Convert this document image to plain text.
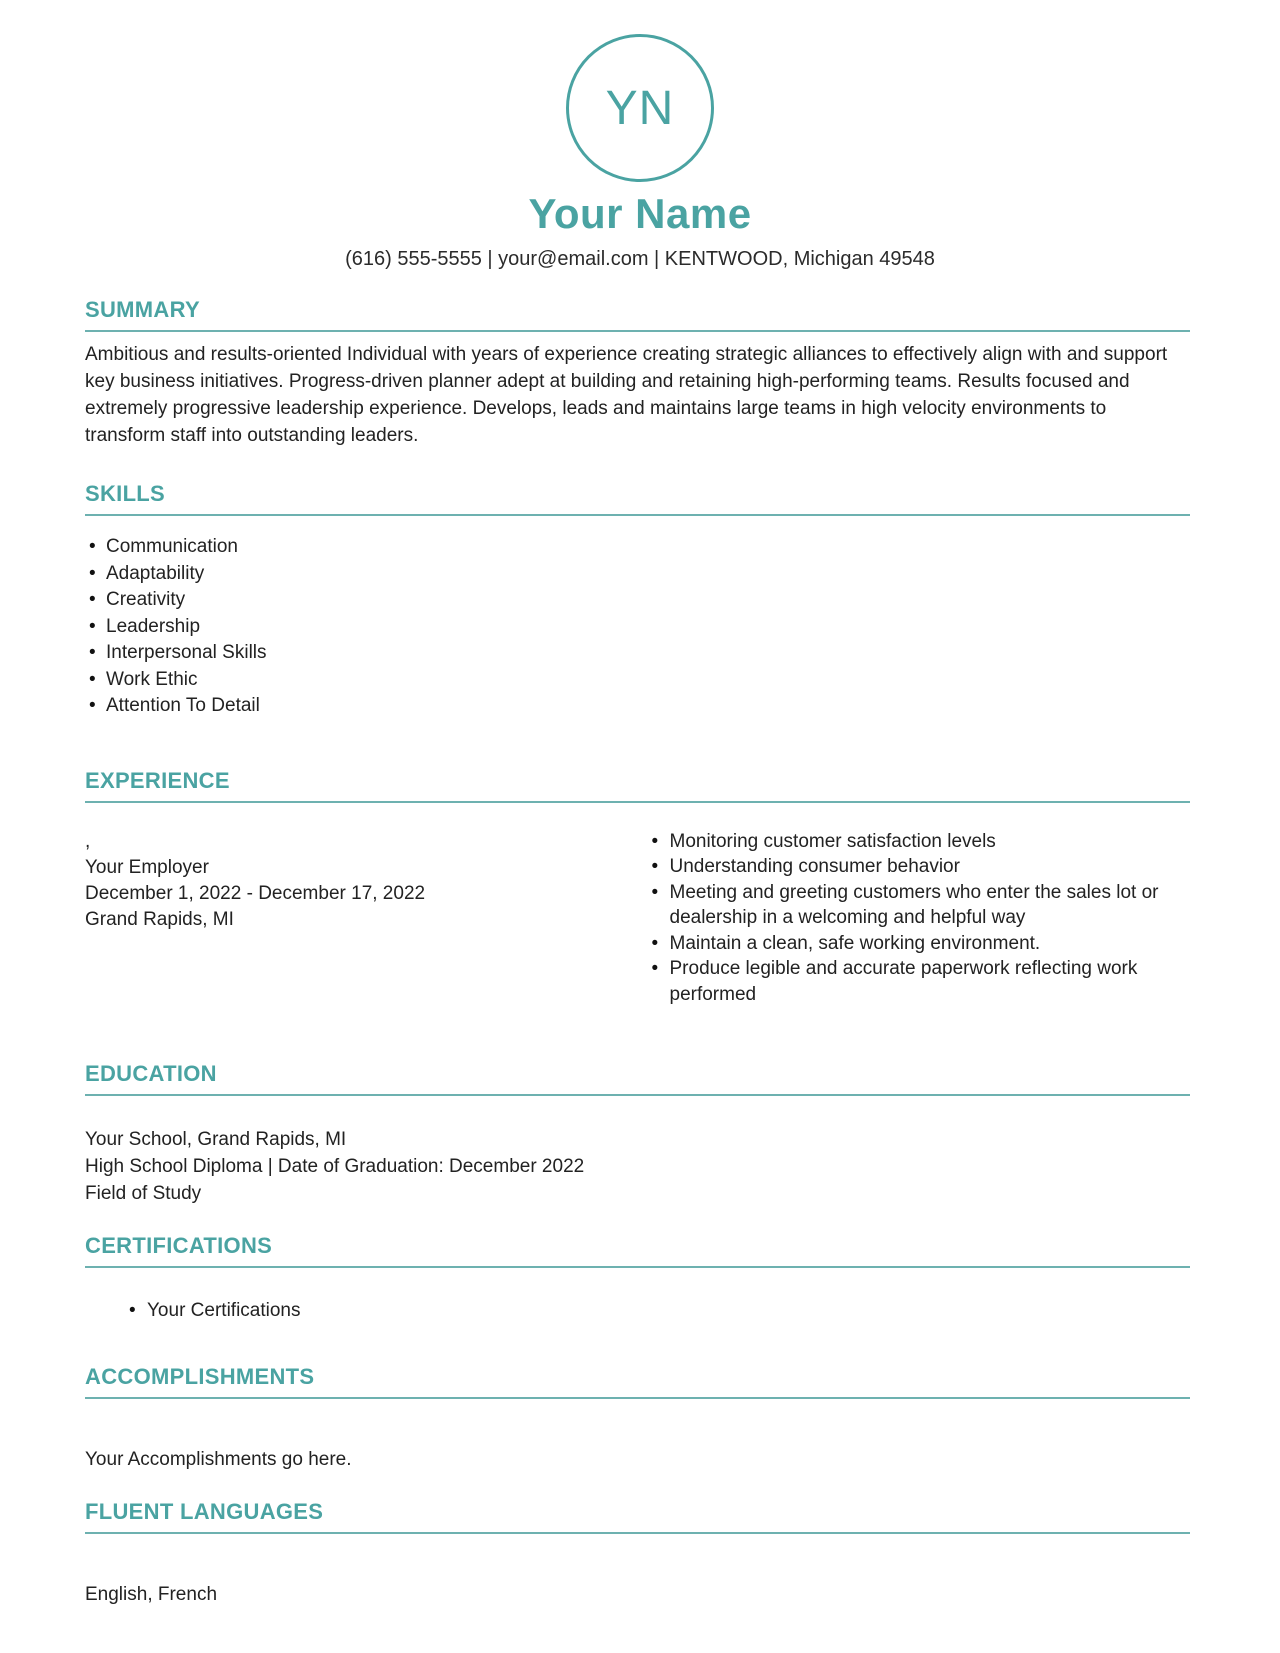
YN
Your Name
(616) 555-5555 | your@email.com | KENTWOOD, Michigan 49548
SUMMARY

Ambitious and results-oriented Individual with years of experience creating strategic alliances to effectively align with and support key business initiatives. Progress-driven planner adept at building and retaining high-performing teams. Results focused and extremely progressive leadership experience. Develops, leads and maintains large teams in high velocity environments to transform staff into outstanding leaders.

SKILLS
• Communication
• Adaptability
• Creativity
• Leadership
• Interpersonal Skills
• Work Ethic
• Attention To Detail
EXPERIENCE
,
Your Employer
December 1, 2022 - December 17, 2022
Grand Rapids, MI
• Monitoring customer satisfaction levels
• Understanding consumer behavior
• Meeting and greeting customers who enter the sales lot or dealership in a welcoming and helpful way
• Maintain a clean, safe working environment.
• Produce legible and accurate paperwork reflecting work performed
EDUCATION
Your School, Grand Rapids, MI
High School Diploma | Date of Graduation: December 2022
Field of Study
CERTIFICATIONS
• Your Certifications
ACCOMPLISHMENTS

Your Accomplishments go here.

FLUENT LANGUAGES

English, French
